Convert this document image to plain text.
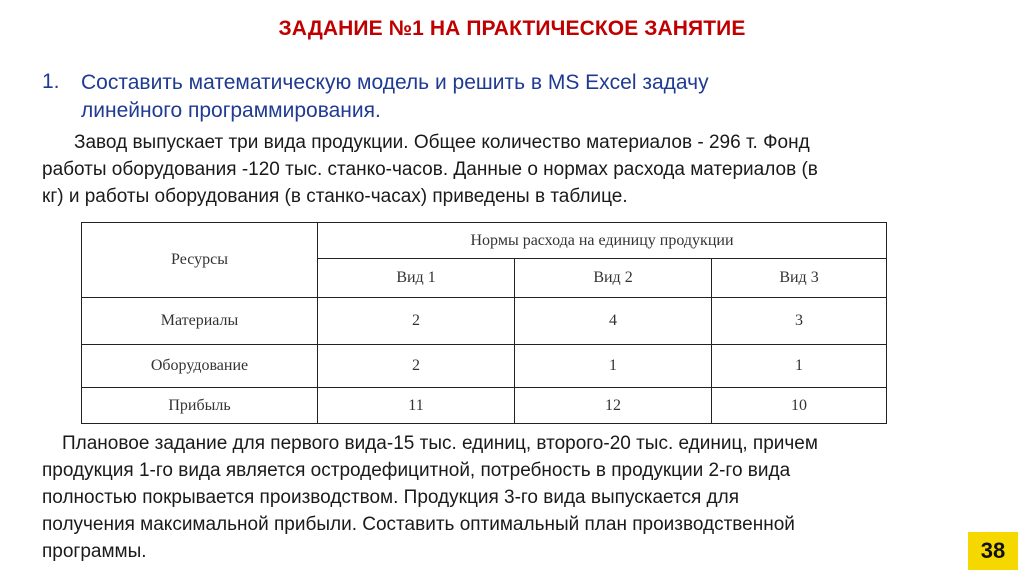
ЗАДАНИЕ №1 НА ПРАКТИЧЕСКОЕ ЗАНЯТИЕ
1. Составить математическую модель и решить в MS Excel задачу
линейного программирования.
Завод выпускает три вида продукции. Общее количество материалов - 296 т. Фонд
работы оборудования -120 тыс. станко-часов. Данные о нормах расхода материалов (в
кг) и работы оборудования (в станко-часах) приведены в таблице.
Ресурсы	Нормы расхода на единицу продукции		
	Вид 1	Вид 2	Вид 3
Материалы	2	4	3
Оборудование	2	1	1
Прибыль	11	12	10
Плановое задание для первого вида-15 тыс. единиц, второго-20 тыс. единиц, причем
продукция 1-го вида является остродефицитной, потребность в продукции 2-го вида
полностью покрывается производством. Продукция 3-го вида выпускается для
получения максимальной прибыли. Составить оптимальный план производственной
программы.	38
